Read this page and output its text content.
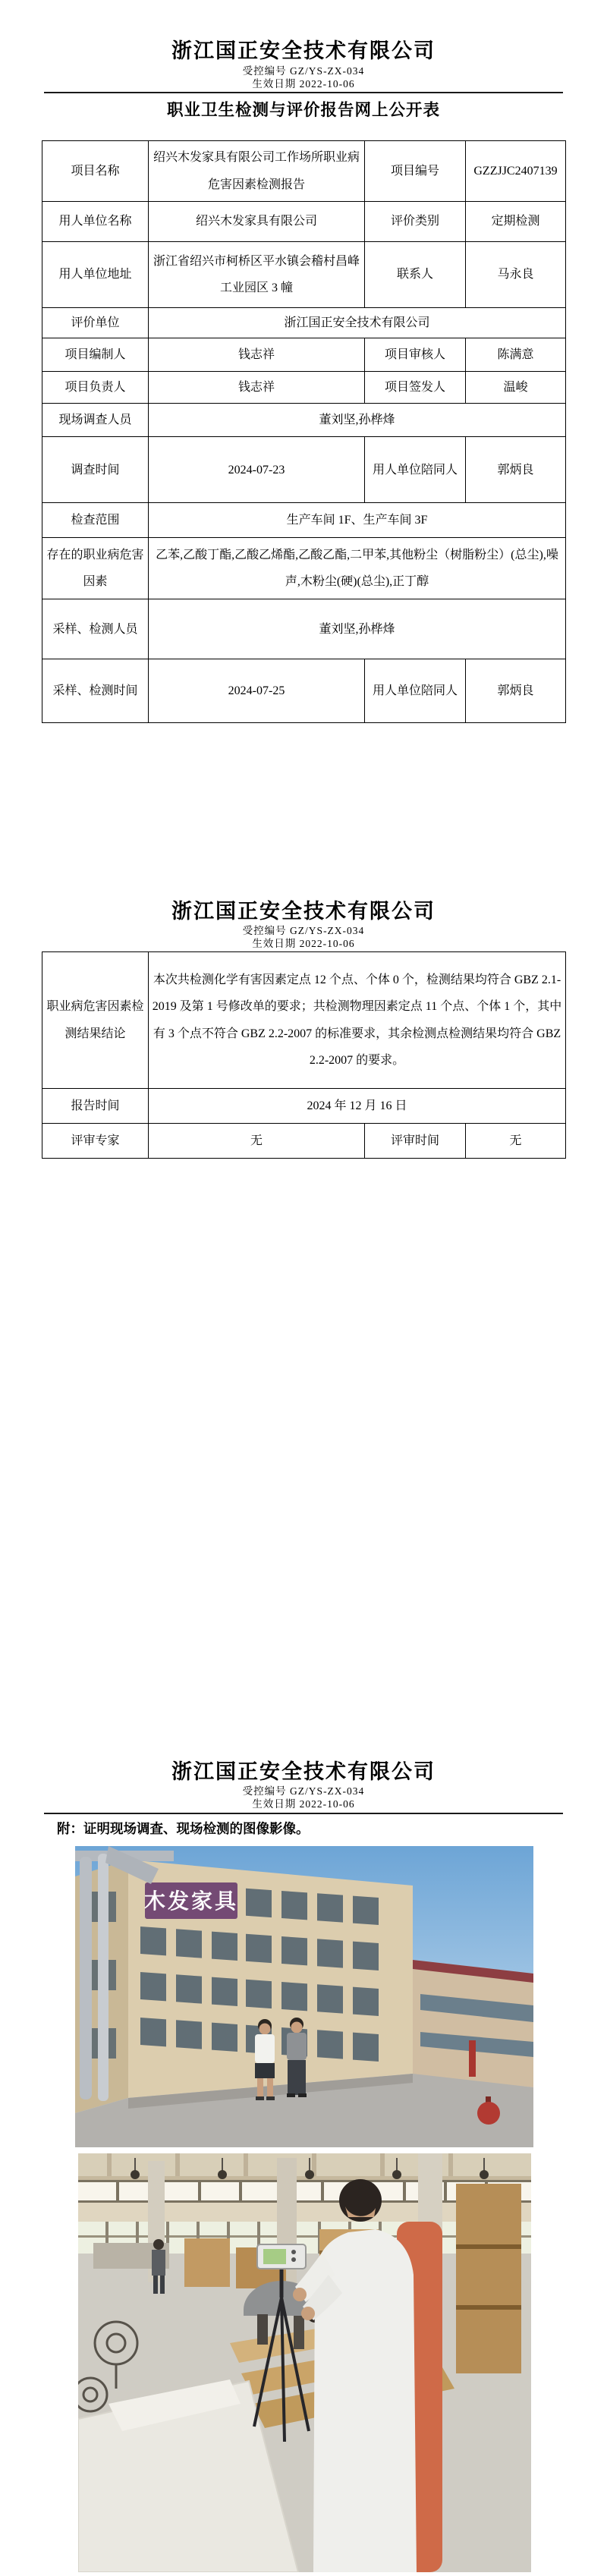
浙江国正安全技术有限公司
受控编号 GZ/YS-ZX-034
生效日期 2022-10-06
职业卫生检测与评价报告网上公开表
项目名称	绍兴木发家具有限公司工作场所职业病危害因素检测报告	项目编号	GZZJJC2407139
用人单位名称	绍兴木发家具有限公司	评价类别	定期检测
用人单位地址	浙江省绍兴市柯桥区平水镇会稽村昌峰工业园区 3 幢	联系人	马永良
评价单位	浙江国正安全技术有限公司		
项目编制人	钱志祥	项目审核人	陈满意
项目负责人	钱志祥	项目签发人	温峻
现场调查人员	董刘坚,孙桦烽		
调查时间	2024-07-23	用人单位陪同人	郭炳良
检查范围	生产车间 1F、生产车间 3F		
存在的职业病危害因素	乙苯,乙酸丁酯,乙酸乙烯酯,乙酸乙酯,二甲苯,其他粉尘（树脂粉尘）(总尘),噪声,木粉尘(硬)(总尘),正丁醇		
采样、检测人员	董刘坚,孙桦烽		
采样、检测时间	2024-07-25	用人单位陪同人	郭炳良
浙江国正安全技术有限公司
受控编号 GZ/YS-ZX-034
生效日期 2022-10-06
职业病危害因素检测结果结论	本次共检测化学有害因素定点 12 个点、个体 0 个，检测结果均符合 GBZ 2.1-2019 及第 1 号修改单的要求；共检测物理因素定点 11 个点、个体 1 个，其中有 3 个点不符合 GBZ 2.2-2007 的标准要求，其余检测点检测结果均符合 GBZ 2.2-2007 的要求。		
报告时间	2024 年 12 月 16 日		
评审专家	无	评审时间	无
浙江国正安全技术有限公司
受控编号 GZ/YS-ZX-034
生效日期 2022-10-06
附：证明现场调查、现场检测的图像影像。
木发家具
